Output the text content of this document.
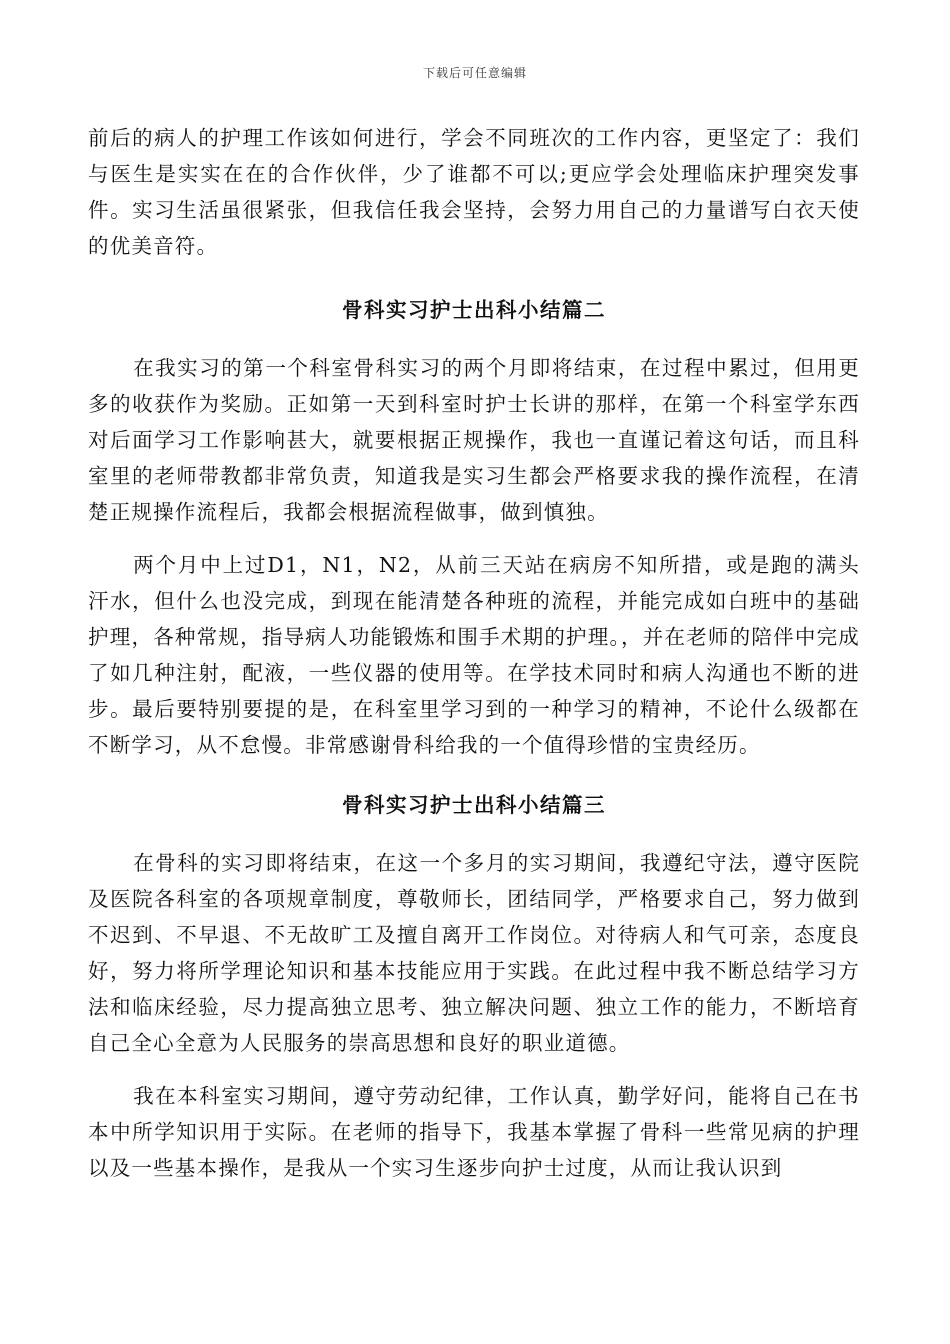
下载后可任意编辑

前后的病人的护理工作该如何进行，学会不同班次的工作内容，更坚定了：我们与医生是实实在在的合作伙伴，少了谁都不可以;更应学会处理临床护理突发事件。实习生活虽很紧张，但我信任我会坚持，会努力用自己的力量谱写白衣天使的优美音符。

骨科实习护士出科小结篇二

在我实习的第一个科室骨科实习的两个月即将结束，在过程中累过，但用更多的收获作为奖励。正如第一天到科室时护士长讲的那样，在第一个科室学东西对后面学习工作影响甚大，就要根据正规操作，我也一直谨记着这句话，而且科室里的老师带教都非常负责，知道我是实习生都会严格要求我的操作流程，在清楚正规操作流程后，我都会根据流程做事，做到慎独。

两个月中上过D1，N1，N2，从前三天站在病房不知所措，或是跑的满头汗水，但什么也没完成，到现在能清楚各种班的流程，并能完成如白班中的基础护理，各种常规，指导病人功能锻炼和围手术期的护理。，并在老师的陪伴中完成了如几种注射，配液，一些仪器的使用等。在学技术同时和病人沟通也不断的进步。最后要特别要提的是，在科室里学习到的一种学习的精神，不论什么级都在不断学习，从不怠慢。非常感谢骨科给我的一个值得珍惜的宝贵经历。

骨科实习护士出科小结篇三

在骨科的实习即将结束，在这一个多月的实习期间，我遵纪守法，遵守医院及医院各科室的各项规章制度，尊敬师长，团结同学，严格要求自己，努力做到不迟到、不早退、不无故旷工及擅自离开工作岗位。对待病人和气可亲，态度良好，努力将所学理论知识和基本技能应用于实践。在此过程中我不断总结学习方法和临床经验，尽力提高独立思考、独立解决问题、独立工作的能力，不断培育自己全心全意为人民服务的崇高思想和良好的职业道德。

我在本科室实习期间，遵守劳动纪律，工作认真，勤学好问，能将自己在书本中所学知识用于实际。在老师的指导下，我基本掌握了骨科一些常见病的护理以及一些基本操作，是我从一个实习生逐步向护士过度，从而让我认识到
